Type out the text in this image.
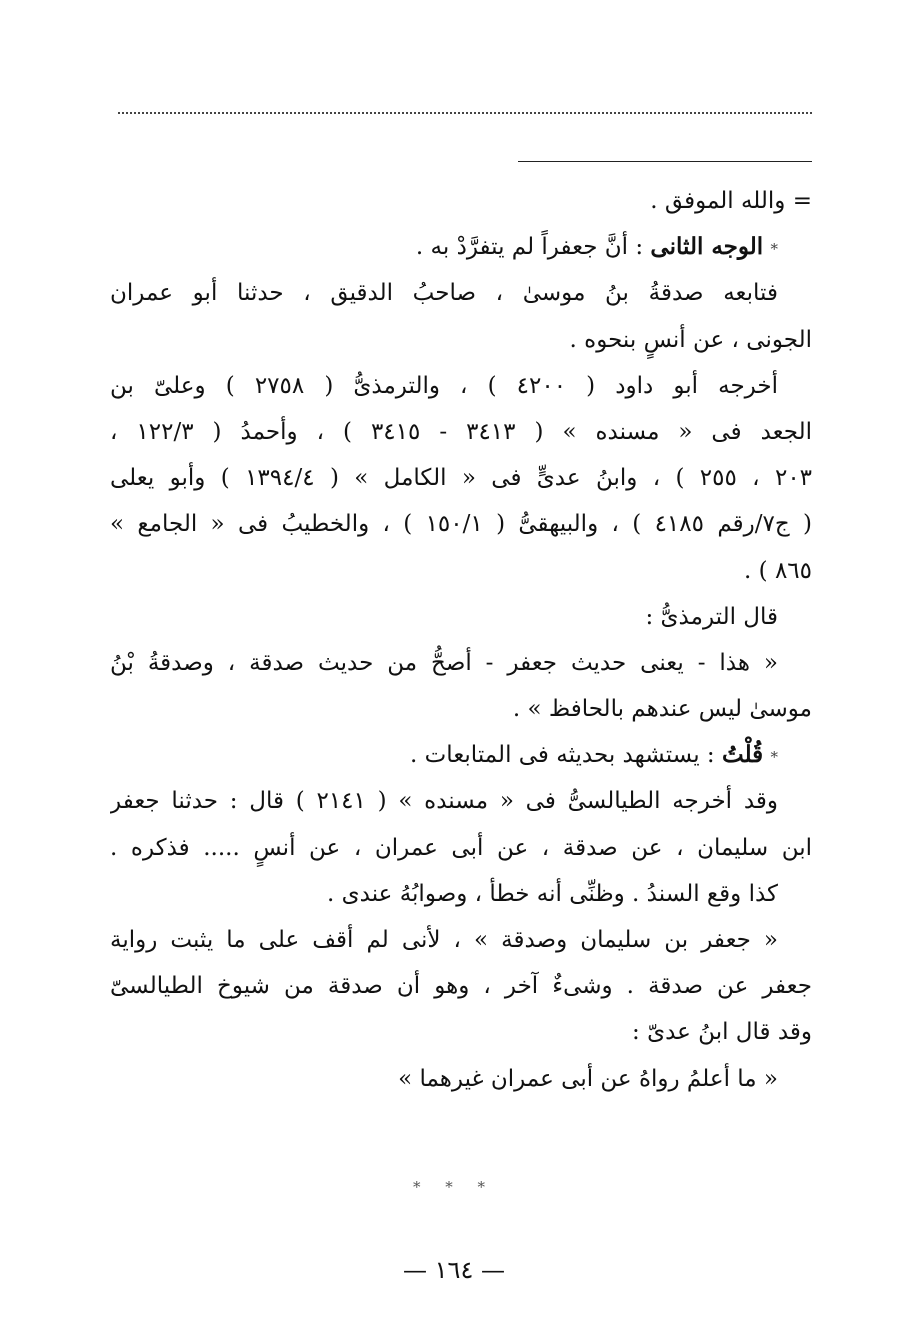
= والله الموفق .
* الوجه الثانى : أنَّ جعفراً لم يتفرَّدْ به .
فتابعه صدقةُ بنُ موسىٰ ، صاحبُ الدقيق ، حدثنا أبو عمران
الجونى ، عن أنسٍ بنحوه .
أخرجه أبو داود ( ٤٢٠٠ ) ، والترمذىُّ ( ٢٧٥٨ ) وعلىّ بن
الجعد فى « مسنده » ( ٣٤١٣ - ٣٤١٥ ) ، وأحمدُ ( ١٢٢/٣ ،
٢٠٣ ، ٢٥٥ ) ، وابنُ عدىٍّ فى « الكامل » ( ١٣٩٤/٤ ) وأبو يعلى
( ج٧/رقم ٤١٨٥ ) ، والبيهقىُّ ( ١٥٠/١ ) ، والخطيبُ فى « الجامع »
٨٦٥ ) .
قال الترمذىُّ :
« هذا - يعنى حديث جعفر - أصحُّ من حديث صدقة ، وصدقةُ بْنُ
موسىٰ ليس عندهم بالحافظ » .
* قُلْتُ : يستشهد بحديثه فى المتابعات .
وقد أخرجه الطيالسىُّ فى « مسنده » ( ٢١٤١ ) قال : حدثنا جعفر
ابن سليمان ، عن صدقة ، عن أبى عمران ، عن أنسٍ ..... فذكره .
كذا وقع السندُ . وظنِّى أنه خطأ ، وصوابُهُ عندى .
« جعفر بن سليمان وصدقة » ، لأنى لم أقف على ما يثبت رواية
جعفر عن صدقة . وشىءٌ آخر ، وهو أن صدقة من شيوخ الطيالسىّ
وقد قال ابنُ عدىّ :
« ما أعلمُ رواهُ عن أبى عمران غيرهما »
* * *
— ١٦٤ —
